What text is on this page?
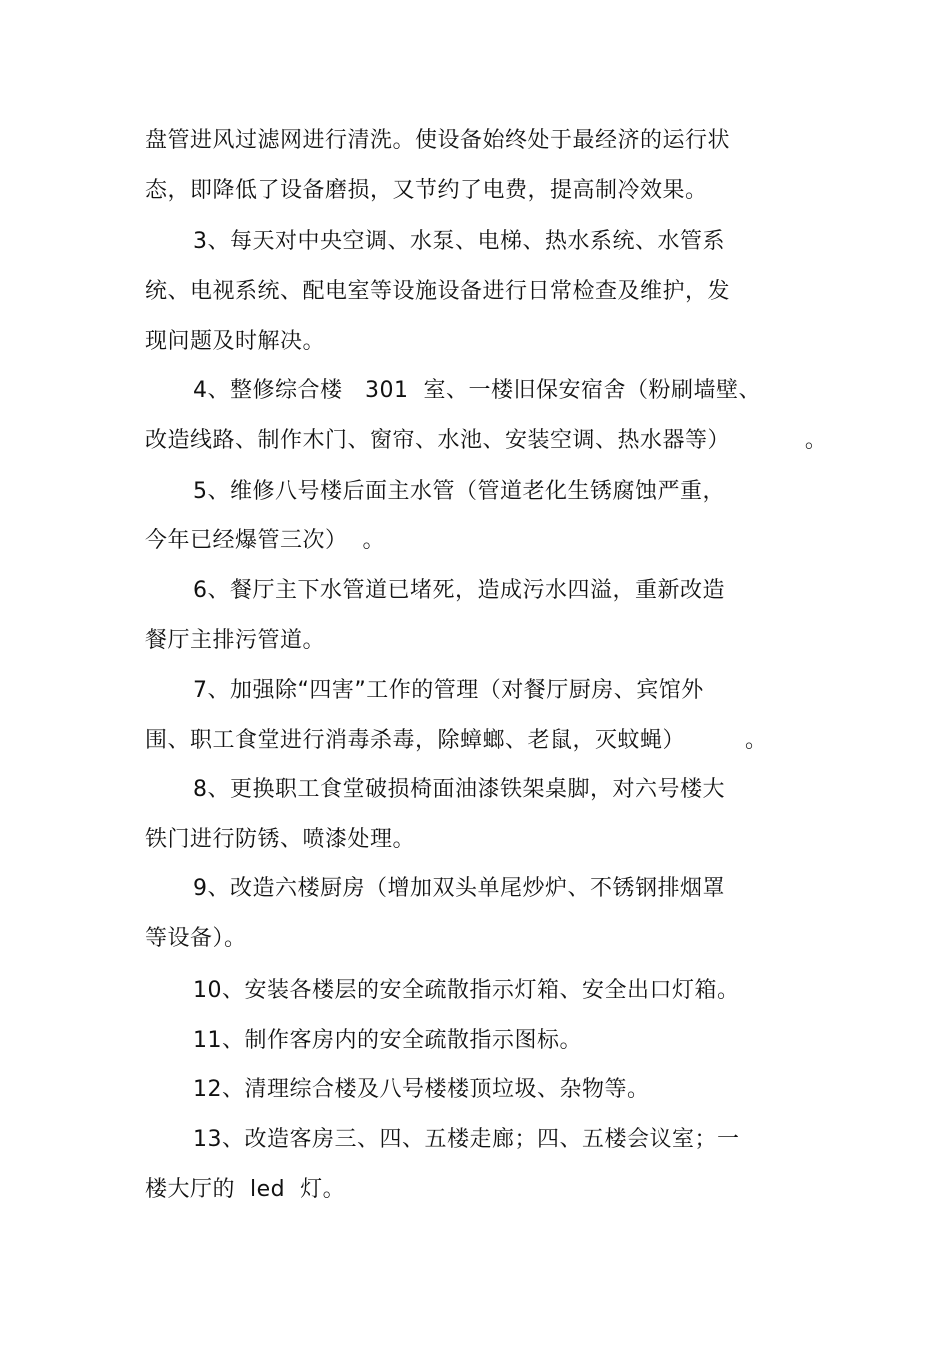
盘管进风过滤网进行清洗。使设备始终处于最经济的运行状
态，即降低了设备磨损，又节约了电费，提高制冷效果。
3、每天对中央空调、水泵、电梯、热水系统、水管系
统、电视系统、配电室等设施设备进行日常检查及维护，发
现问题及时解决。
4、整修综合楼   301  室、一楼旧保安宿舍（粉刷墙壁、
改造线路、制作木门、窗帘、水池、安装空调、热水器等）          。
5、维修八号楼后面主水管（管道老化生锈腐蚀严重，
今年已经爆管三次）  。
6、餐厅主下水管道已堵死，造成污水四溢，重新改造
餐厅主排污管道。
7、加强除“四害”工作的管理（对餐厅厨房、宾馆外
围、职工食堂进行消毒杀毒，除蟑螂、老鼠，灭蚊蝇）        。
8、更换职工食堂破损椅面油漆铁架桌脚，对六号楼大
铁门进行防锈、喷漆处理。
9、改造六楼厨房（增加双头单尾炒炉、不锈钢排烟罩
等设备）。
10、安装各楼层的安全疏散指示灯箱、安全出口灯箱。
11、制作客房内的安全疏散指示图标。
12、清理综合楼及八号楼楼顶垃圾、杂物等。
13、改造客房三、四、五楼走廊；四、五楼会议室；一
楼大厅的  led  灯。
